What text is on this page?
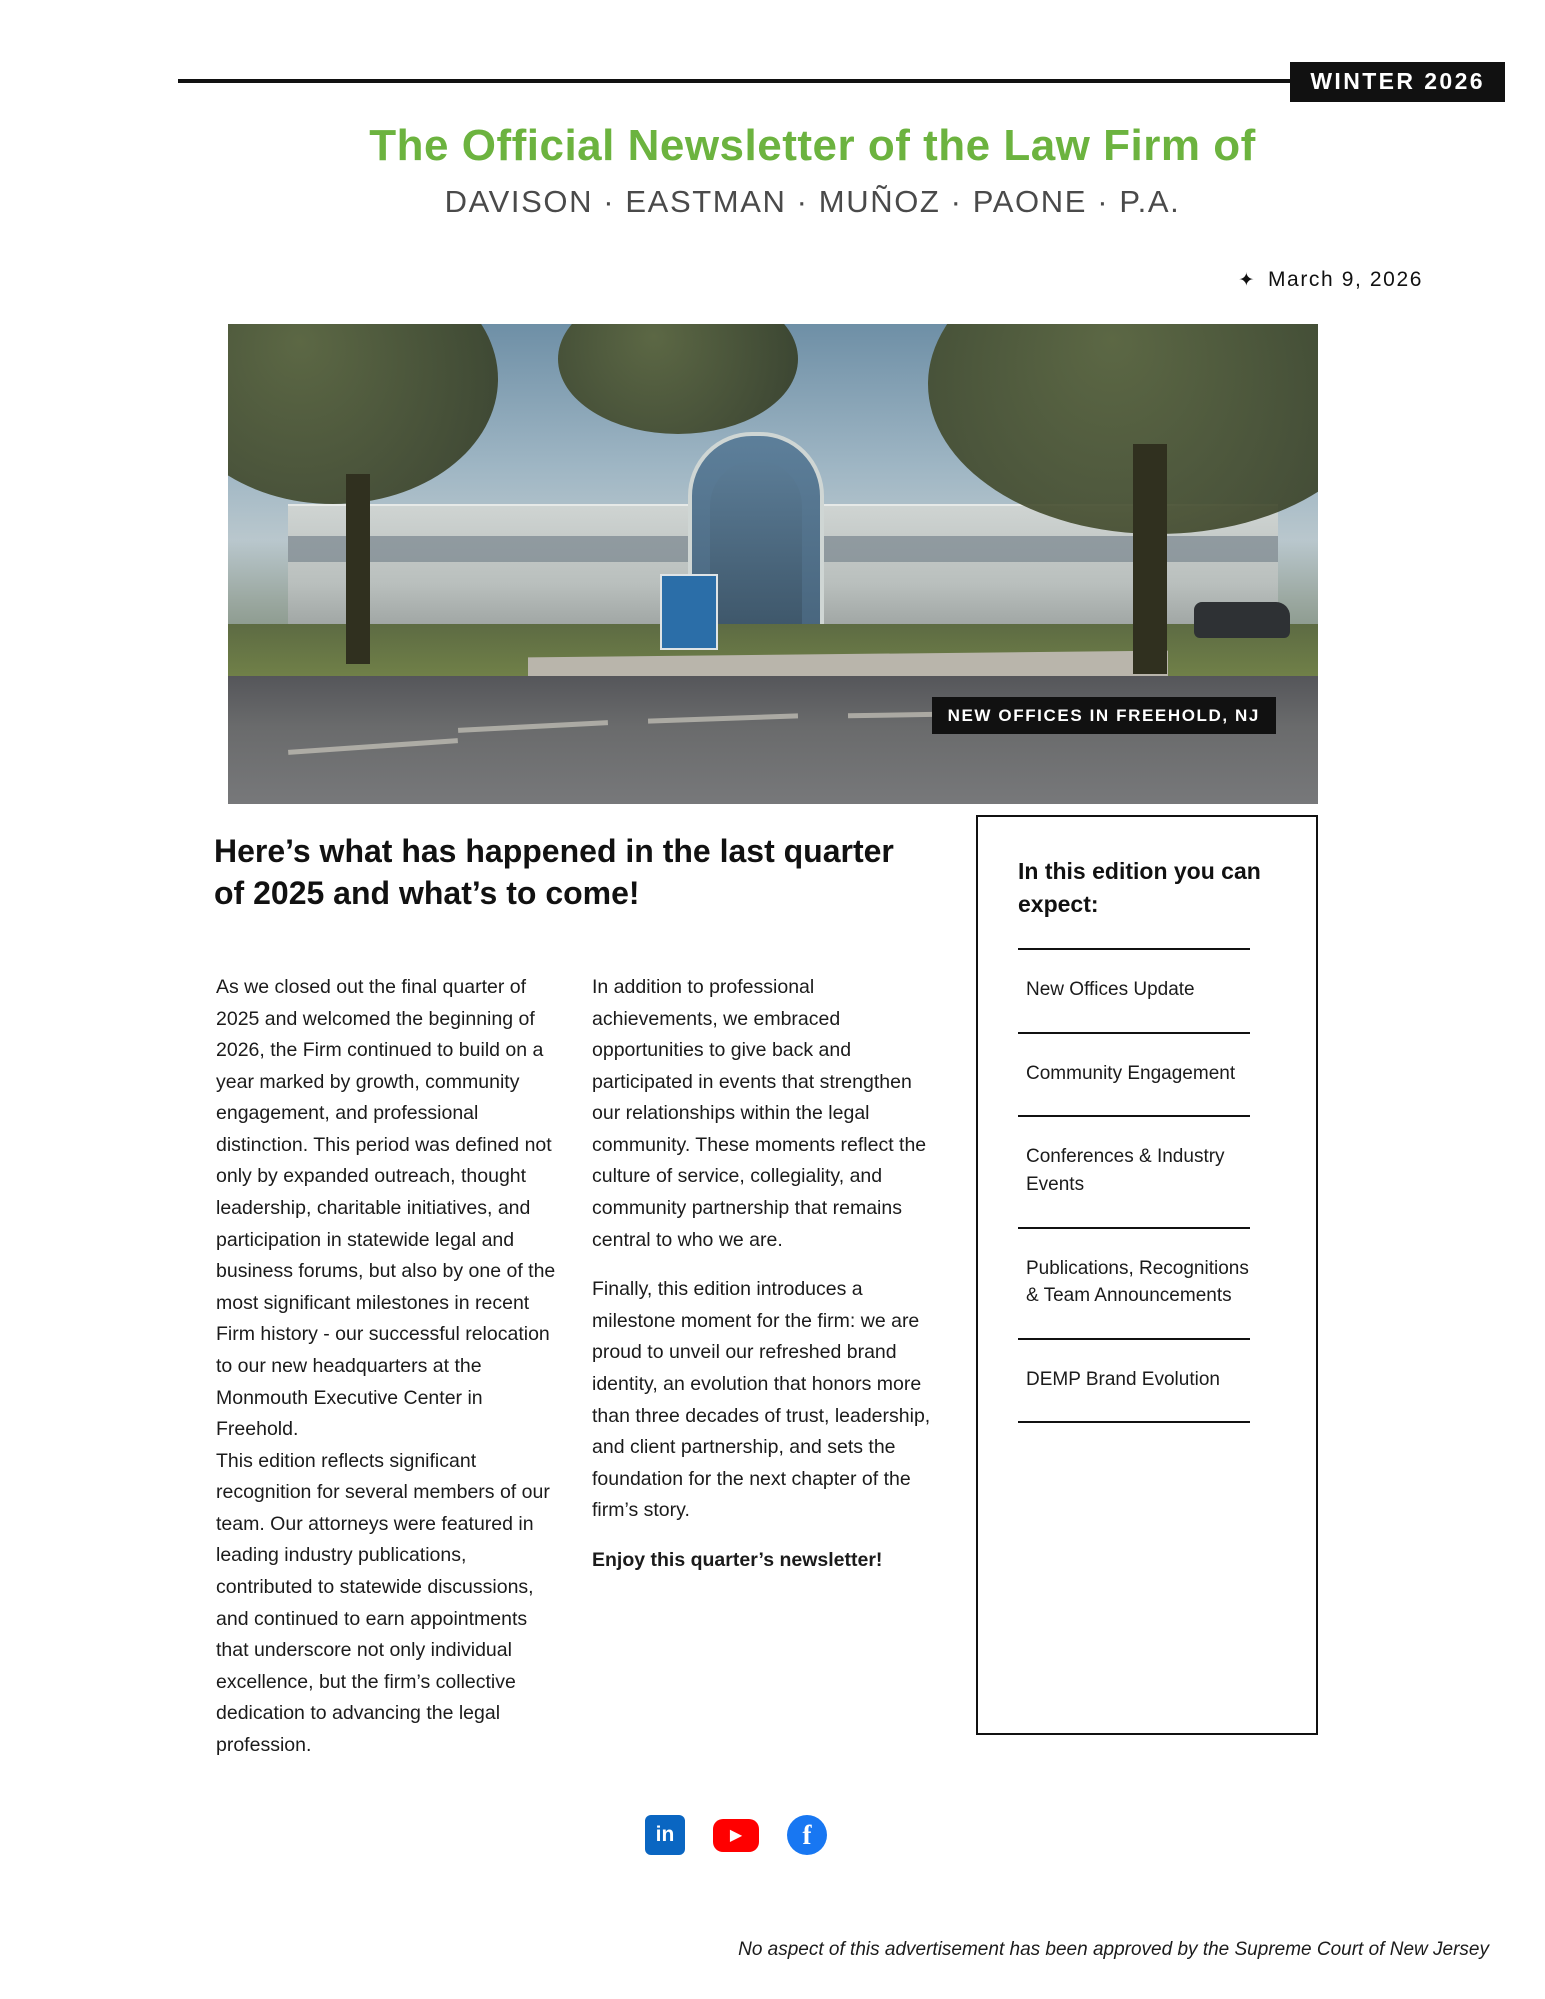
WINTER 2026
The Official Newsletter of the Law Firm of
DAVISON · EASTMAN · MUÑOZ · PAONE · P.A.
✦ March 9, 2026
NEW OFFICES IN FREEHOLD, NJ
Here’s what has happened in the last quarter of 2025 and what’s to come!

As we closed out the final quarter of 2025 and welcomed the beginning of 2026, the Firm continued to build on a year marked by growth, community engagement, and professional distinction. This period was defined not only by expanded outreach, thought leadership, charitable initiatives, and participation in statewide legal and business forums, but also by one of the most significant milestones in recent Firm history - our successful relocation to our new headquarters at the Monmouth Executive Center in Freehold.

This edition reflects significant recognition for several members of our team. Our attorneys were featured in leading industry publications, contributed to statewide discussions, and continued to earn appointments that underscore not only individual excellence, but the firm’s collective dedication to advancing the legal profession.

In addition to professional achievements, we embraced opportunities to give back and participated in events that strengthen our relationships within the legal community. These moments reflect the culture of service, collegiality, and community partnership that remains central to who we are.

Finally, this edition introduces a milestone moment for the firm: we are proud to unveil our refreshed brand identity, an evolution that honors more than three decades of trust, leadership, and client partnership, and sets the foundation for the next chapter of the firm’s story.

Enjoy this quarter’s newsletter!

In this edition you can expect:
New Offices Update
Community Engagement
Conferences & Industry Events
Publications, Recognitions & Team Announcements
DEMP Brand Evolution
in	▶	f
No aspect of this advertisement has been approved by the Supreme Court of New Jersey
